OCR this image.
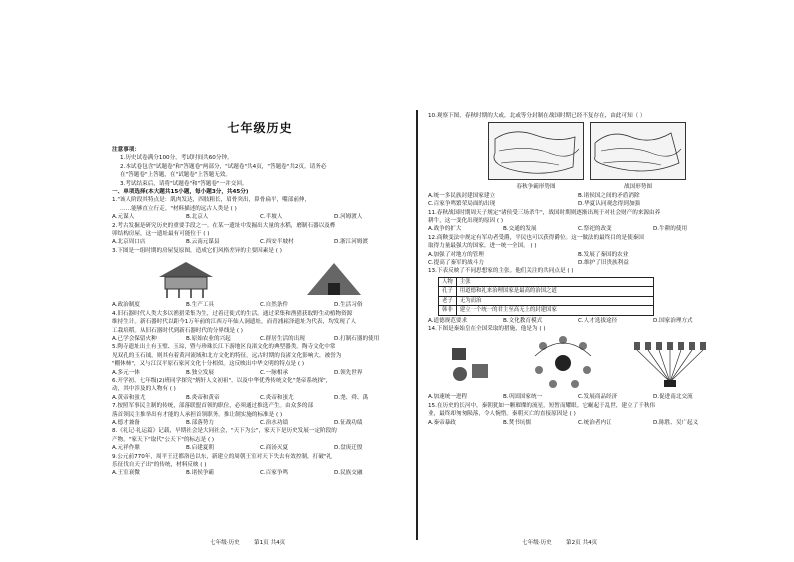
七年级历史
注意事项：
1.历史试卷满分100分，考试时间共60分钟。
2.本试卷包含"试题卷"和"答题卷"两部分，"试题卷"共4页，"答题卷"共2页。请务必
在"答题卷"上答题，在"试题卷"上答题无效。
3.考试结束后，请将"试题卷"和"答题卷"一并交回。
一、单项选择(本大题共15小题，每小题3分，共45分)
1."该人阶段其特点是：肌肉发达，四肢粗长，眉骨突出，鼻骨扁平，嘴部前伸，
……能够直立行走。"材料描述的远古人类是 ( )
A.元谋人	B.北京人	C.半坡人	D.河姆渡人
2.考古发掘是研究历史的重要手段之一。在某一遗址中发掘出大量的水稻，磨制石器以及榫
卯结构房屋，这一遗址最有可能位于 ( )
A.北京周口店	B.云南元谋县	C.西安半坡村	D.浙江河姆渡
3.下图是一组时期的房屋复原图，造成它们风格差异的主要因素是 ( )
A.政治制度	B.生产工具	C.自然条件	D.生活习俗
4.旧石器时代人类大多以渔猎采集为生，过着迁徙式的生活。通过采集和渔猎获取野生动植物资源
维持生计。新石器时代以距今1万年前的江西万年仙人洞遗址，而青浦崧泽遗址为代表，均发现了人
工栽培稻。从旧石器时代到新石器时代的分界线是 ( )
A.已学会保留火种	B.原始农业的兴起	C.群居生活的出现	D.打制石器的使用
5.陶寺遗址出土有玉璧、玉琮，暨与珍珠长江下游地区良渚文化的典型器类。陶寺文化中常
见双孔的玉石钺，则其有着黄河流域和北方文化的特征。远古时期的良渚文化影响大，被誉为
"棚休柿"，又与江汉平原石家河文化十分相似。这反映出中华文明的特点是 ( )
A.多元一体	B.独立发展	C.一脉相承	D.领先世界
6.开学初，七年级(2)班同学探究"炳轩人文初祖"，以及中华优秀传统文化"尧帝系统探"，
动，其中涉及的人物有 ( )
A.黄帝和蚩尤	B.炎帝和黄帝	C.炎帝和蚩尤	D.尧、舜、禹
7.按照军事民主制的传统，部落联盟首领的职位，必须通过推选产生。由众多的部
落首领民主推举出有才能的人承担首领职务。推让制实施的标准是 ( )
A.德才兼备	B.部落势力	C.治水功绩	D.征战功绩
8.《礼记·礼运篇》记载，早期社会是大同社会，"天下为公"，家天下是历史发展一定阶段的
产物。"家天下"取代"公天下"的标志是 ( )
A.元祥作鼎	B.启建夏朝	C.商汤灭夏	D.盘庚迁殷
9.公元前770年，周平王迁都洛邑以东，新建立的周朝王室对天下失去有效控制，打破"礼
乐征伐自天子出"的传统，材料反映 ( )
A.王室衰微	B.诸侯争霸	C.百家争鸣	D.民族交融
10.观察下图，春秋时期的大或，北或等分封制在战国时期已经不复存在，由此可知（ ）
春秋争霸形势图	战国形势图
A.统一多民族封建国家建立	B.诸侯国之间的矛盾消除
C.百家争鸣繁荣局面的出现	D.华夏认同观念得到加强
11.春秋战国时期周天子规定"诸侯受三场杀牛"，战国时期则逐渐出现于对社会财产的来源由养
耕牛，这一变化出现的原因 ( )
A.战争的扩大	B.交通的发展	C.祭祀的改变	D.牛耕的使用
12.商鞅变法中规定有军功者受爵，平民也可以获得爵位。这一做法的最终目的是使秦国
取得力量最强大的国家，进一统一全国。 ( )
A.加强了对地方的管理	B.发展了秦国的农业
C.提高了秦军的战斗力	D.维护了旧贵族利益
13.下表反映了不同思想家的主张。他们关注的共同点是 ( )
人物	主张
孔子	用道德和礼来治理国家是最高的治国之道
老子	无为而治
韩非	建立一个统一的君主至高无上的封建国家
A.道德规范要求	B.文化教育模式	C.人才选拔途径	D.国家治理方式
14.下图是秦始皇在全国采取的措施，他是为 ( )
A.加速统一进程	B.巩固国家统一	C.发展商品经济	D.促进南北交流
15.在历史的长河中，秦朝犹如一颗璀璨的流星，短暂而耀眼。它崛起于乱世，建立了千秋伟
业，最终却匆匆陨落，令人惋惜。秦朝灭亡的直接原因是 ( )
A.秦帝暴政	B.焚书坑儒	C.统治者内讧	D.陈胜、吴广起义
七年级·历史	第1页 共4页	七年级·历史	第2页 共4页
